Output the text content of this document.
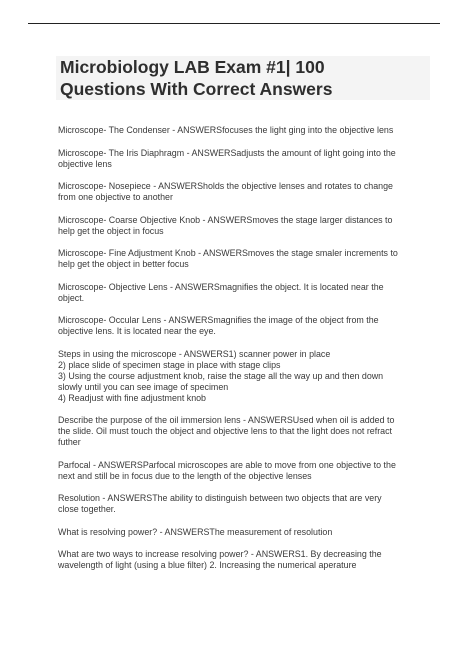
Microbiology LAB Exam #1| 100
Questions With Correct Answers
Microscope- The Condenser - ANSWERSfocuses the light ging into the objective lens
Microscope- The Iris Diaphragm - ANSWERSadjusts the amount of light going into the
objective lens
Microscope- Nosepiece - ANSWERSholds the objective lenses and rotates to change
from one objective to another
Microscope- Coarse Objective Knob - ANSWERSmoves the stage larger distances to
help get the object in focus
Microscope- Fine Adjustment Knob - ANSWERSmoves the stage smaler increments to
help get the object in better focus
Microscope- Objective Lens - ANSWERSmagnifies the object. It is located near the
object.
Microscope- Occular Lens - ANSWERSmagnifies the image of the object from the
objective lens. It is located near the eye.
Steps in using the microscope - ANSWERS1) scanner power in place
2) place slide of specimen stage in place with stage clips
3) Using the course adjustment knob, raise the stage all the way up and then down
slowly until you can see image of specimen
4) Readjust with fine adjustment knob
Describe the purpose of the oil immersion lens - ANSWERSUsed when oil is added to
the slide. Oil must touch the object and objective lens to that the light does not refract
futher
Parfocal - ANSWERSParfocal microscopes are able to move from one objective to the
next and still be in focus due to the length of the objective lenses
Resolution - ANSWERSThe ability to distinguish between two objects that are very
close together.
What is resolving power? - ANSWERSThe measurement of resolution
What are two ways to increase resolving power? - ANSWERS1. By decreasing the
wavelength of light (using a blue filter) 2. Increasing the numerical aperature
